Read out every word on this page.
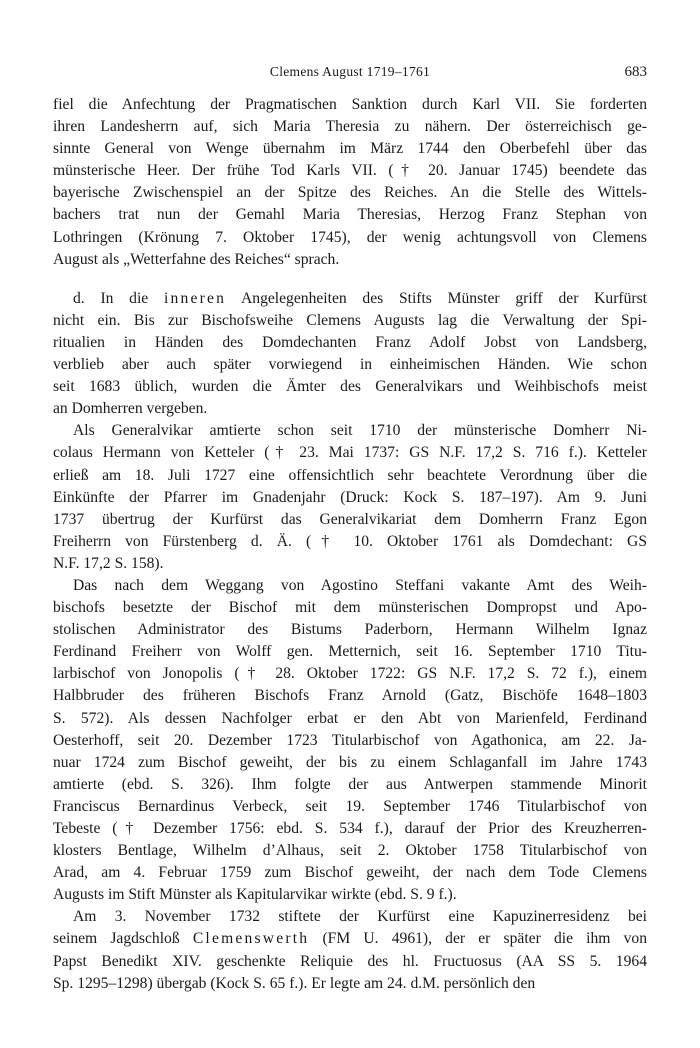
Clemens August 1719–1761	683
fiel die Anfechtung der Pragmatischen Sanktion durch Karl VII. Sie forderten
ihren Landesherrn auf, sich Maria Theresia zu nähern. Der österreichisch ge-
sinnte General von Wenge übernahm im März 1744 den Oberbefehl über das
münsterische Heer. Der frühe Tod Karls VII. († 20. Januar 1745) beendete das
bayerische Zwischenspiel an der Spitze des Reiches. An die Stelle des Wittels-
bachers trat nun der Gemahl Maria Theresias, Herzog Franz Stephan von
Lothringen (Krönung 7. Oktober 1745), der wenig achtungsvoll von Clemens
August als „Wetterfahne des Reiches“ sprach.
d. In die inneren Angelegenheiten des Stifts Münster griff der Kurfürst
nicht ein. Bis zur Bischofsweihe Clemens Augusts lag die Verwaltung der Spi-
ritualien in Händen des Domdechanten Franz Adolf Jobst von Landsberg,
verblieb aber auch später vorwiegend in einheimischen Händen. Wie schon
seit 1683 üblich, wurden die Ämter des Generalvikars und Weihbischofs meist
an Domherren vergeben.
Als Generalvikar amtierte schon seit 1710 der münsterische Domherr Ni-
colaus Hermann von Ketteler († 23. Mai 1737: GS N.F. 17,2 S. 716 f.). Ketteler
erließ am 18. Juli 1727 eine offensichtlich sehr beachtete Verordnung über die
Einkünfte der Pfarrer im Gnadenjahr (Druck: Kock S. 187–197). Am 9. Juni
1737 übertrug der Kurfürst das Generalvikariat dem Domherrn Franz Egon
Freiherrn von Fürstenberg d. Ä. († 10. Oktober 1761 als Domdechant: GS
N.F. 17,2 S. 158).
Das nach dem Weggang von Agostino Steffani vakante Amt des Weih-
bischofs besetzte der Bischof mit dem münsterischen Dompropst und Apo-
stolischen Administrator des Bistums Paderborn, Hermann Wilhelm Ignaz
Ferdinand Freiherr von Wolff gen. Metternich, seit 16. September 1710 Titu-
larbischof von Jonopolis († 28. Oktober 1722: GS N.F. 17,2 S. 72 f.), einem
Halbbruder des früheren Bischofs Franz Arnold (Gatz, Bischöfe 1648–1803
S. 572). Als dessen Nachfolger erbat er den Abt von Marienfeld, Ferdinand
Oesterhoff, seit 20. Dezember 1723 Titularbischof von Agathonica, am 22. Ja-
nuar 1724 zum Bischof geweiht, der bis zu einem Schlaganfall im Jahre 1743
amtierte (ebd. S. 326). Ihm folgte der aus Antwerpen stammende Minorit
Franciscus Bernardinus Verbeck, seit 19. September 1746 Titularbischof von
Tebeste († Dezember 1756: ebd. S. 534 f.), darauf der Prior des Kreuzherren-
klosters Bentlage, Wilhelm d’Alhaus, seit 2. Oktober 1758 Titularbischof von
Arad, am 4. Februar 1759 zum Bischof geweiht, der nach dem Tode Clemens
Augusts im Stift Münster als Kapitularvikar wirkte (ebd. S. 9 f.).
Am 3. November 1732 stiftete der Kurfürst eine Kapuzinerresidenz bei
seinem Jagdschloß Clemenswerth (FM U. 4961), der er später die ihm von
Papst Benedikt XIV. geschenkte Reliquie des hl. Fructuosus (AA SS 5. 1964
Sp. 1295–1298) übergab (Kock S. 65 f.). Er legte am 24. d.M. persönlich den
